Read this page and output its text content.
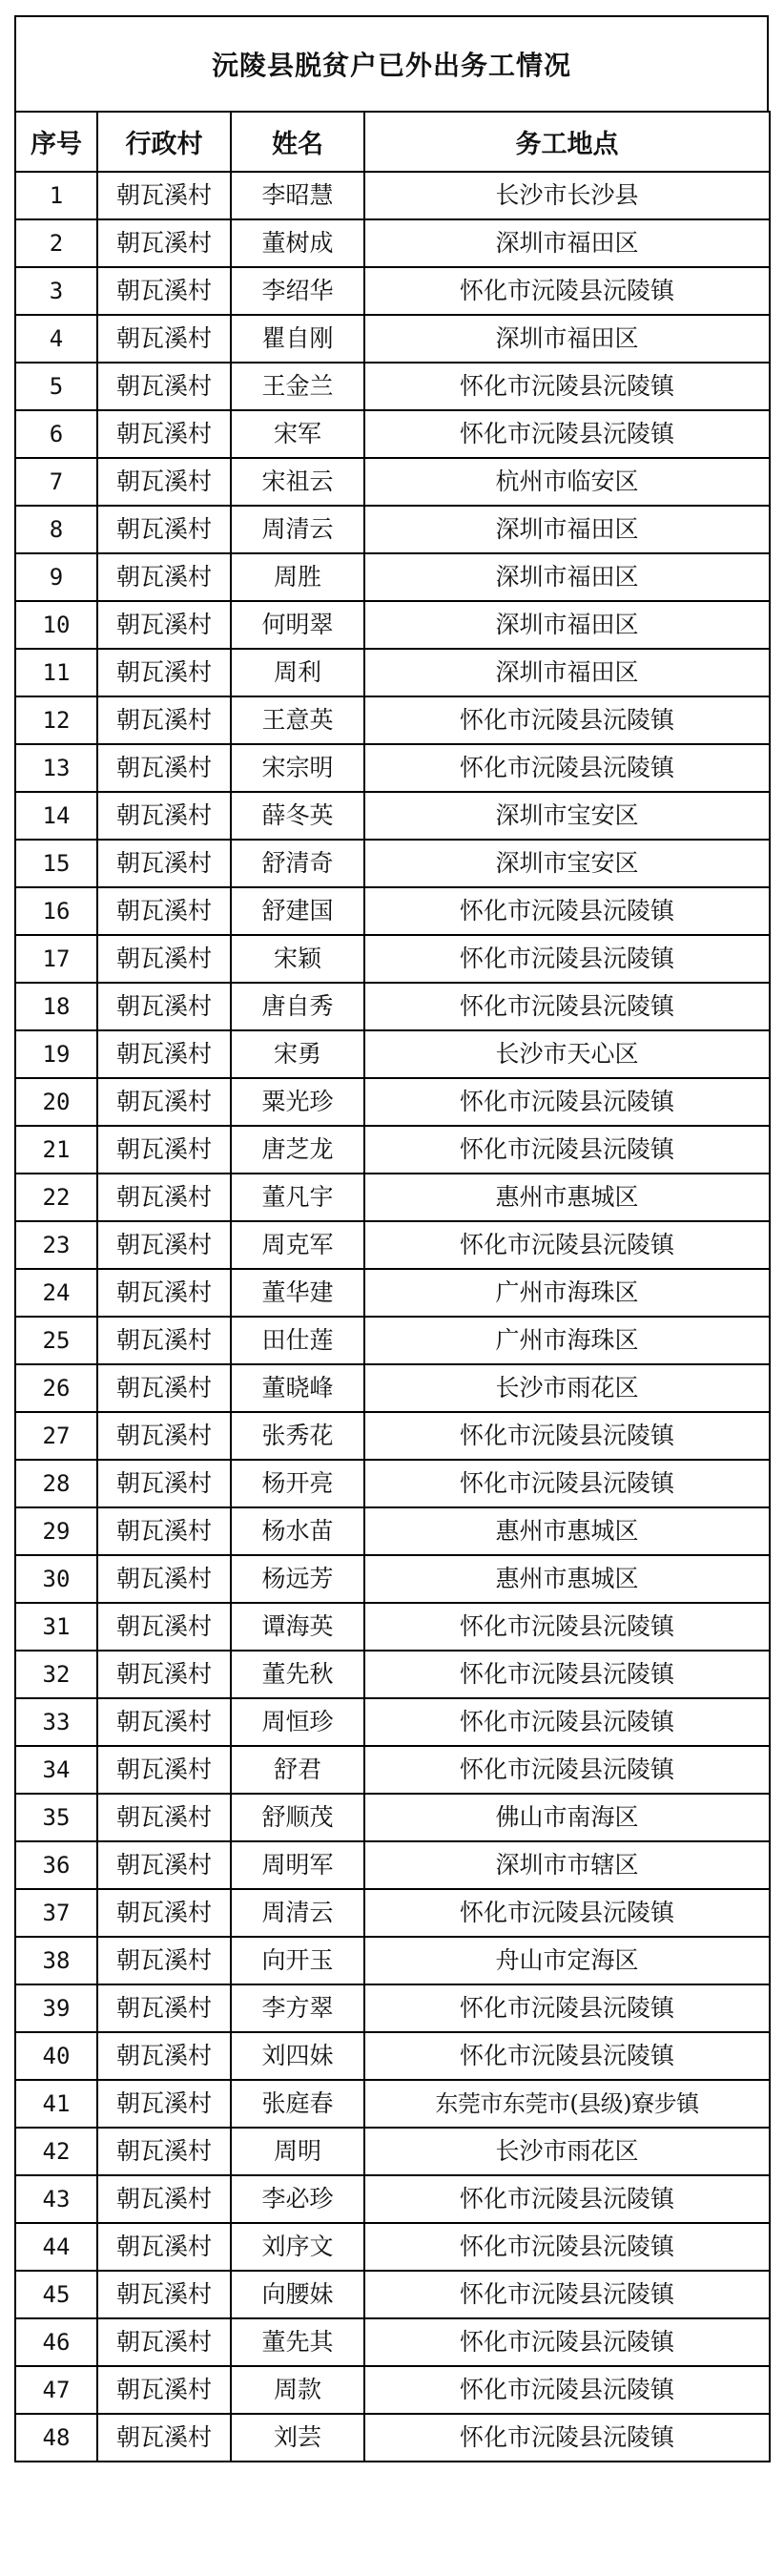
沅陵县脱贫户已外出务工情况
序号	行政村	姓名	务工地点
1	朝瓦溪村	李昭慧	长沙市长沙县
2	朝瓦溪村	董树成	深圳市福田区
3	朝瓦溪村	李绍华	怀化市沅陵县沅陵镇
4	朝瓦溪村	瞿自刚	深圳市福田区
5	朝瓦溪村	王金兰	怀化市沅陵县沅陵镇
6	朝瓦溪村	宋军	怀化市沅陵县沅陵镇
7	朝瓦溪村	宋祖云	杭州市临安区
8	朝瓦溪村	周清云	深圳市福田区
9	朝瓦溪村	周胜	深圳市福田区
10	朝瓦溪村	何明翠	深圳市福田区
11	朝瓦溪村	周利	深圳市福田区
12	朝瓦溪村	王意英	怀化市沅陵县沅陵镇
13	朝瓦溪村	宋宗明	怀化市沅陵县沅陵镇
14	朝瓦溪村	薛冬英	深圳市宝安区
15	朝瓦溪村	舒清奇	深圳市宝安区
16	朝瓦溪村	舒建国	怀化市沅陵县沅陵镇
17	朝瓦溪村	宋颖	怀化市沅陵县沅陵镇
18	朝瓦溪村	唐自秀	怀化市沅陵县沅陵镇
19	朝瓦溪村	宋勇	长沙市天心区
20	朝瓦溪村	粟光珍	怀化市沅陵县沅陵镇
21	朝瓦溪村	唐芝龙	怀化市沅陵县沅陵镇
22	朝瓦溪村	董凡宇	惠州市惠城区
23	朝瓦溪村	周克军	怀化市沅陵县沅陵镇
24	朝瓦溪村	董华建	广州市海珠区
25	朝瓦溪村	田仕莲	广州市海珠区
26	朝瓦溪村	董晓峰	长沙市雨花区
27	朝瓦溪村	张秀花	怀化市沅陵县沅陵镇
28	朝瓦溪村	杨开亮	怀化市沅陵县沅陵镇
29	朝瓦溪村	杨水苗	惠州市惠城区
30	朝瓦溪村	杨远芳	惠州市惠城区
31	朝瓦溪村	谭海英	怀化市沅陵县沅陵镇
32	朝瓦溪村	董先秋	怀化市沅陵县沅陵镇
33	朝瓦溪村	周恒珍	怀化市沅陵县沅陵镇
34	朝瓦溪村	舒君	怀化市沅陵县沅陵镇
35	朝瓦溪村	舒顺茂	佛山市南海区
36	朝瓦溪村	周明军	深圳市市辖区
37	朝瓦溪村	周清云	怀化市沅陵县沅陵镇
38	朝瓦溪村	向开玉	舟山市定海区
39	朝瓦溪村	李方翠	怀化市沅陵县沅陵镇
40	朝瓦溪村	刘四妹	怀化市沅陵县沅陵镇
41	朝瓦溪村	张庭春	东莞市东莞市(县级)寮步镇
42	朝瓦溪村	周明	长沙市雨花区
43	朝瓦溪村	李必珍	怀化市沅陵县沅陵镇
44	朝瓦溪村	刘序文	怀化市沅陵县沅陵镇
45	朝瓦溪村	向腰妹	怀化市沅陵县沅陵镇
46	朝瓦溪村	董先其	怀化市沅陵县沅陵镇
47	朝瓦溪村	周款	怀化市沅陵县沅陵镇
48	朝瓦溪村	刘芸	怀化市沅陵县沅陵镇
